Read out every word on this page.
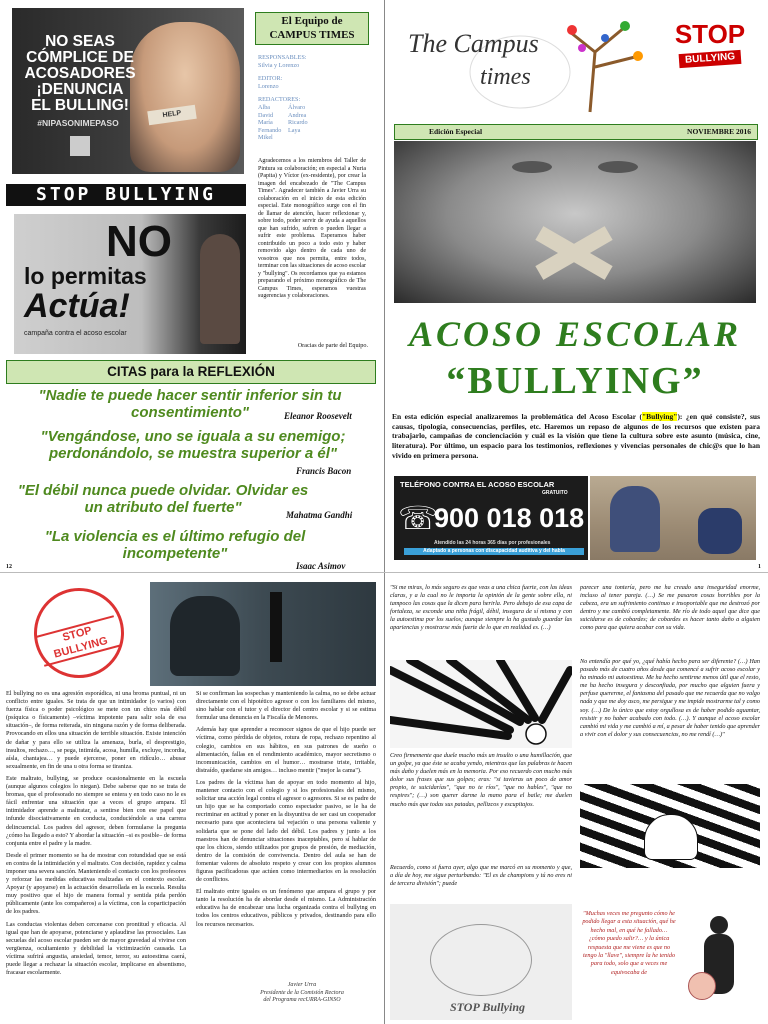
HELP
NO SEAS
CÓMPLICE DE
ACOSADORES
¡DENUNCIA
EL BULLING!
#NIPASONIMEPASO
STOP BULLYING
NO
lo permitas
Actúa!
campaña contra el acoso escolar
El Equipo de
CAMPUS TIMES
RESPONSABLES:
Silvia y Lorenzo
EDITOR:
Lorenzo
REDACTORES:
Alba	Álvaro
David	Andrea
María	Ricardo
Fernando	Laya
Mikel
Agradecemos a los miembros del Taller de Pintura su colaboración; en especial a Nuria (Papita) y Víctor (ex-residente), por crear la imagen del encabezado de "The Campus Times". Agradecer también a Javier Urra su colaboración en el inicio de esta edición especial. Este monográfico surge con el fin de llamar de atención, hacer reflexionar y, sobre todo, poder servir de ayuda a aquellos que han sufrido, sufren o pueden llegar a sufrir este problema. Esperamos haber contribuido un poco a todo esto y haber removido algo dentro de cada uno de vosotros que nos permita, entre todos, terminar con las situaciones de acoso escolar y "bullying". Os recordamos que ya estamos preparando el próximo monográfico de The Campus Times, esperamos vuestras sugerencias y colaboraciones.
Oracias de parte del Equipo.
CITAS para la REFLEXIÓN
"Nadie te puede hacer sentir inferior sin tu consentimiento"	Eleanor Roosevelt
"Vengándose, uno se iguala a su enemigo; perdonándolo, se muestra superior a él"
Francis Bacon
"El débil nunca puede olvidar. Olvidar es un atributo del fuerte"	Mahatma Gandhi
"La violencia es el último refugio del incompetente"
Isaac Asimov
12
The Campus
times
STOP
BULLYING
Edición Especial	NOVIEMBRE 2016
ACOSO ESCOLAR
“BULLYING”
En esta edición especial analizaremos la problemática del Acoso Escolar ("Bullying"): ¿en qué consiste?, sus causas, tipología, consecuencias, perfiles, etc. Haremos un repaso de algunos de los recursos que existen para trabajarlo, campañas de concienciación y cuál es la visión que tiene la cultura sobre este asunto (música, cine, literatura). Por último, un espacio para los testimonios, reflexiones y vivencias personales de chic@s que lo han vivido en primera persona.
TELÉFONO CONTRA EL ACOSO ESCOLAR
GRATUITO
☏
900 018 018
Atendido las 24 horas 365 días por profesionales
Adaptado a personas con discapacidad auditiva y del habla
1
STOP BULLYING

El bullying no es una agresión esporádica, ni una broma puntual, ni un conflicto entre iguales. Se trata de que un intimidador (o varios) con fuerza física o poder psicológico se mete con un chico más débil (psíquica o físicamente) –víctima impotente para salir sola de esa situación–, de forma reiterada, sin ninguna razón y de forma deliberada. Provocando en ellos una situación de terrible situación. Existe intención de dañar y para ello se utiliza la amenaza, burla, el desprestigio, insultos, rechazo…, se pega, intimida, acosa, humilla, excluye, incordia, aísla, chantajea… y puede ejercerse, poner en ridículo… abusar sexualmente, en fin de una u otra forma se tiraniza.

Este maltrato, bullying, se produce ocasionalmente en la escuela (aunque algunos colegios lo niegan). Debe saberse que no se trata de bromas, que el profesorado no siempre se entera y en todo caso no le es fácil enfrentar una situación que a veces el grupo ampara. El intimidador aprende a maltratar, a sentirse bien con ese papel que infunde disociativamente en conducta, conduciéndole a una carrera delincuencial. Los padres del agresor, deben formularse la pregunta ¿cómo ha llegado a esto? Y abordar la situación –si es posible– de forma conjunta entre el padre y la madre.

Desde el primer momento se ha de mostrar con rotundidad que se está en contra de la intimidación y el maltrato. Con decisión, rapidez y calma imponer una severa sanción. Manteniendo el contacto con los profesores y reforzar las medidas educativas realizadas en el contexto escolar. Apoyar (y apoyarse) en la actuación desarrollada en la escuela. Resulta muy positivo que el hijo de manera formal y sentida pida perdón públicamente (ante los compañeros) a la víctima, con la coparticipación de los padres.

Las conductas violentas deben cercenarse con prontitud y eficacia. Al igual que han de apoyarse, potenciarse y aplaudirse las prosociales. Las secuelas del acoso escolar pueden ser de mayor gravedad al vivirse con vergüenza, ocultamiento y debilidad la victimización causada. La víctima sufrirá angustia, ansiedad, temor, terror, su autoestima caerá, puede llegar a rechazar la situación escolar, implicarse en absentismo, fracasar escolarmente.

Si se confirman las sospechas y manteniendo la calma, no se debe actuar directamente con el hipotético agresor o con los familiares del mismo, sino hablar con el tutor y el director del centro escolar y si se estima formular una denuncia en la Fiscalía de Menores.

Además hay que aprender a reconocer signos de que el hijo puede ser víctima, como pérdida de objetos, rotura de ropa, rechazo repentino al colegio, cambios en sus hábitos, en sus patrones de sueño o alimentación, fallas en el rendimiento académico, mayor secretismo o incomunicación, cambios en el humor… mostrarse triste, irritable, distraído, quedarse sin amigos… incluso mentir ("mejor la cama").

Los padres de la víctima han de apoyar en todo momento al hijo, mantener contacto con el colegio y si los profesionales del mismo, solicitar una acción legal contra el agresor o agresores. Si se es padre de un hijo que se ha comportado como espectador pasivo, se le ha de recriminar en actitud y poner en la disyuntiva de ser casi un cooperador necesario para que aconteciera tal vejación o una persona valiente y solidaria que se pone del lado del débil. Los padres y junto a los maestros han de denunciar situaciones inaceptables, pero sí hablar de que los chicos, siendo utilizados por grupos de presión, de mediación, dentro de la comisión de convivencia. Dentro del aula se han de fomentar valores de absoluto respeto y crear con los propios alumnos figuras pacificadoras que actúen como intermediarios en la resolución de conflictos.

El maltrato entre iguales es un fenómeno que ampara el grupo y por tanto la resolución ha de abordar desde el mismo. La Administración educativa ha de encabezar una lucha organizada contra el bullying en todos los centros educativos, públicos y privados, destinando para ello los recursos necesarios.

Javier Urra
Presidente de la Comisión Rectora
del Programa recURRA-GINSO
"Si me miras, lo más seguro es que veas a una chica fuerte, con las ideas claras, y a la cual no le importa la opinión de la gente sobre ella, ni tampoco las cosas que la dicen para herirla. Pero debajo de esa capa de fortaleza, se esconde una niña frágil, débil, insegura de sí misma y con la autoestima por los suelos; aunque siempre la ha gustado guardar las apariencias y mostrarse más fuerte de lo que en realidad es. (…)
Creo firmemente que duele mucho más un insulto o una humillación, que un golpe, ya que éste se acaba yendo, mientras que las palabras te hacen más daño y duelen más en la memoria. Por eso recuerdo con mucho más dolor sus frases que sus golpes; eras: "si tuvieras un poco de amor propio, te suicidarías", "que no te ríos", "que no hables", "que no respires"; (…) son querer darme la mano para el baile; me duelen mucho más que todas sus patadas, pellizcos y escupitajos.
Recuerdo, como si fuera ayer, algo que me marcó en su momento y que, a día de hoy, me sigue perturbando: "El es de champions y tú no eres ni de tercera división"; puede
parecer una tontería, pero me ha creado una inseguridad enorme, incluso al tener pareja. (…) Se me pasaron cosas horribles por la cabeza, era un sufrimiento continuo e insoportable que me destrozó por dentro y me cambió completamente. Me río de todo aquel que dice que suicidarse es de cobardes; de cobardes es hacer tanto daño a alguien como para que quiera acabar con su vida.
No entendía por qué yo, ¿qué había hecho para ser diferente? (…) Han pasado más de cuatro años desde que comencé a sufrir acoso escolar y ha minado mi autoestima. Me ha hecho sentirme menos útil que el resto, me ha hecho insegura y desconfiada, por mucho que alguien fuera y perfuse quererme, el fantasma del pasado que me recuerda que no valgo nada y que me doy asco, me persigue y me impide mostrarme tal y como soy. (…) De lo único que estoy orgullosa es de haber podido aguantar, resistir y no haber acabado con todo. (…). Y aunque el acoso escolar cambió mi vida y me cambió a mí, a pesar de haber tenido que aprender a vivir con el dolor y sus consecuencias, no me rendí (…)"
STOP Bullying
"Muchas veces me pregunto cómo he podido llegar a esta situación, qué he hecho mal, en qué he fallado… ¿cómo puedo salir?… y la única respuesta que me viene es que no tengo la "llave", siempre la he tenido para todo, solo que a veces me equivocaba de
